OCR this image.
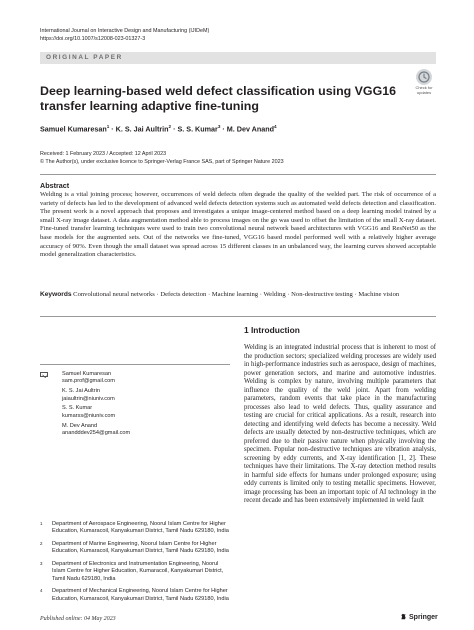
International Journal on Interactive Design and Manufacturing (IJIDeM)
https://doi.org/10.1007/s12008-023-01327-3
ORIGINAL PAPER
Check for updates
Deep learning-based weld defect classification using VGG16 transfer learning adaptive fine-tuning
Samuel Kumaresan$^1$ · K. S. Jai Aultrin$^2$ · S. S. Kumar$^3$ · M. Dev Anand$^4$
Received: 1 February 2023 / Accepted: 12 April 2023
© The Author(s), under exclusive licence to Springer-Verlag France SAS, part of Springer Nature 2023
Abstract

Welding is a vital joining process; however, occurrences of weld defects often degrade the quality of the welded part. The risk of occurrence of a variety of defects has led to the development of advanced weld defects detection systems such as automated weld defects detection and classification. The present work is a novel approach that proposes and investigates a unique image-centered method based on a deep learning model trained by a small X-ray image dataset. A data augmentation method able to process images on the go was used to offset the limitation of the small X-ray dataset. Fine-tuned transfer learning techniques were used to train two convolutional neural network based architectures with VGG16 and ResNet50 as the base models for the augmented sets. Out of the networks we fine-tuned, VGG16 based model performed well with a relatively higher average accuracy of 90%. Even though the small dataset was spread across 15 different classes in an unbalanced way, the learning curves showed acceptable model generalization characteristics.

Keywords Convolutional neural networks · Defects detection · Machine learning · Welding · Non-destructive testing · Machine vision
1 Introduction

Welding is an integrated industrial process that is inherent to most of the production sectors; specialized welding processes are widely used in high-performance industries such as aerospace, design of machines, power generation sectors, and marine and automotive industries. Welding is complex by nature, involving multiple parameters that influence the quality of the weld joint. Apart from welding parameters, random events that take place in the manufacturing processes also lead to weld defects. Thus, quality assurance and testing are crucial for critical applications. As a result, research into detecting and identifying weld defects has become a necessity. Weld defects are usually detected by non-destructive techniques, which are preferred due to their passive nature when physically involving the specimen. Popular non-destructive techniques are vibration analysis, screening by eddy currents, and X-ray identification [1, 2]. These techniques have their limitations. The X-ray detection method results in harmful side effects for humans under prolonged exposure; using eddy currents is limited only to testing metallic specimens. However, image processing has been an important topic of AI technology in the recent decade and has been extensively implemented in weld fault

Samuel Kumaresan
sam.prof@gmail.com
K. S. Jai Aultrin
jaiaultrin@niuniv.com
S. S. Kumar
kumarss@niuniv.com
M. Dev Anand
anandddev254@gmail.com
1 Department of Aerospace Engineering, Noorul Islam Centre for Higher Education, Kumaracoil, Kanyakumari District, Tamil Nadu 629180, India
2 Department of Marine Engineering, Noorul Islam Centre for Higher Education, Kumaracoil, Kanyakumari District, Tamil Nadu 629180, India
3 Department of Electronics and Instrumentation Engineering, Noorul Islam Centre for Higher Education, Kumaracoil, Kanyakumari District, Tamil Nadu 629180, India
4 Department of Mechanical Engineering, Noorul Islam Centre for Higher Education, Kumaracoil, Kanyakumari District, Tamil Nadu 629180, India
Published online: 04 May 2023	Springer
